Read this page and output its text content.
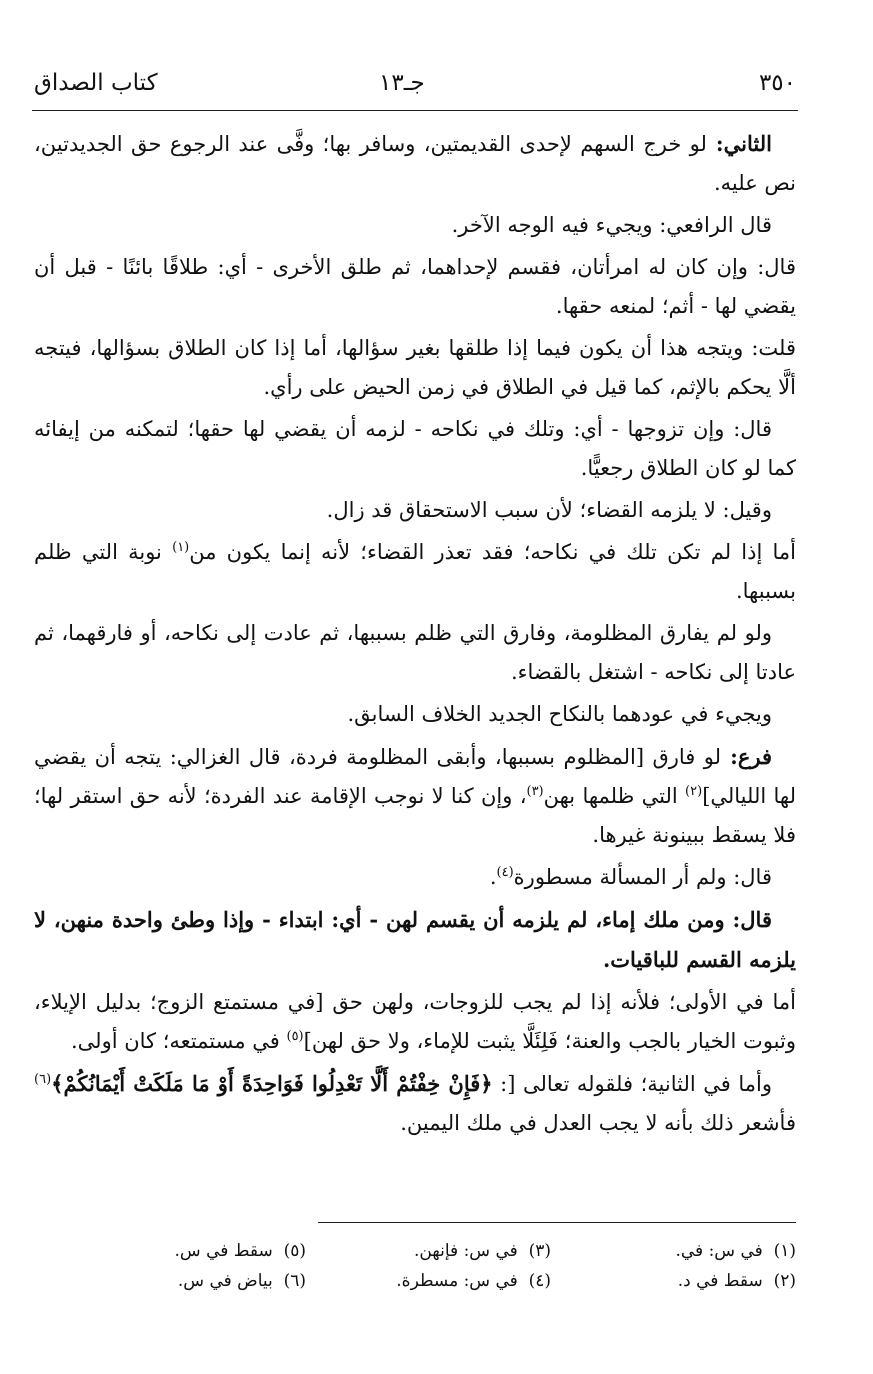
٣٥٠
جـ١٣
كتاب الصداق

الثاني: لو خرج السهم لإحدى القديمتين، وسافر بها؛ وفَّى عند الرجوع حق الجديدتين، نص عليه.

قال الرافعي: ويجيء فيه الوجه الآخر.

قال: وإن كان له امرأتان، فقسم لإحداهما، ثم طلق الأخرى - أي: طلاقًا بائنًا - قبل أن يقضي لها - أثم؛ لمنعه حقها.

قلت: ويتجه هذا أن يكون فيما إذا طلقها بغير سؤالها، أما إذا كان الطلاق بسؤالها، فيتجه ألَّا يحكم بالإثم، كما قيل في الطلاق في زمن الحيض على رأي.

قال: وإن تزوجها - أي: وتلك في نكاحه - لزمه أن يقضي لها حقها؛ لتمكنه من إيفائه كما لو كان الطلاق رجعيًّا.

وقيل: لا يلزمه القضاء؛ لأن سبب الاستحقاق قد زال.

أما إذا لم تكن تلك في نكاحه؛ فقد تعذر القضاء؛ لأنه إنما يكون من$^{(١)}$ نوبة التي ظلم بسببها.

ولو لم يفارق المظلومة، وفارق التي ظلم بسببها، ثم عادت إلى نكاحه، أو فارقهما، ثم عادتا إلى نكاحه - اشتغل بالقضاء.

ويجيء في عودهما بالنكاح الجديد الخلاف السابق.

فرع: لو فارق [المظلوم بسببها، وأبقى المظلومة فردة، قال الغزالي: يتجه أن يقضي لها الليالي]$^{(٢)}$ التي ظلمها بهن$^{(٣)}$، وإن كنا لا نوجب الإقامة عند الفردة؛ لأنه حق استقر لها؛ فلا يسقط ببينونة غيرها.

قال: ولم أر المسألة مسطورة$^{(٤)}$.

قال: ومن ملك إماء، لم يلزمه أن يقسم لهن - أي: ابتداء - وإذا وطئ واحدة منهن، لا يلزمه القسم للباقيات.

أما في الأولى؛ فلأنه إذا لم يجب للزوجات، ولهن حق [في مستمتع الزوج؛ بدليل الإيلاء، وثبوت الخيار بالجب والعنة؛ فَلِئَلَّا يثبت للإماء، ولا حق لهن]$^{(٥)}$ في مستمتعه؛ كان أولى.

وأما في الثانية؛ فلقوله تعالى [: ﴿فَإِنْ خِفْتُمْ أَلَّا تَعْدِلُوا فَوَاحِدَةً أَوْ مَا مَلَكَتْ أَيْمَانُكُمْ﴾$^{(٦)}$ فأشعر ذلك بأنه لا يجب العدل في ملك اليمين.

(١)  في س: في.
(٣)  في س: فإنهن.
(٥)  سقط في س.
(٢)  سقط في د.
(٤)  في س: مسطرة.
(٦)  بياض في س.
